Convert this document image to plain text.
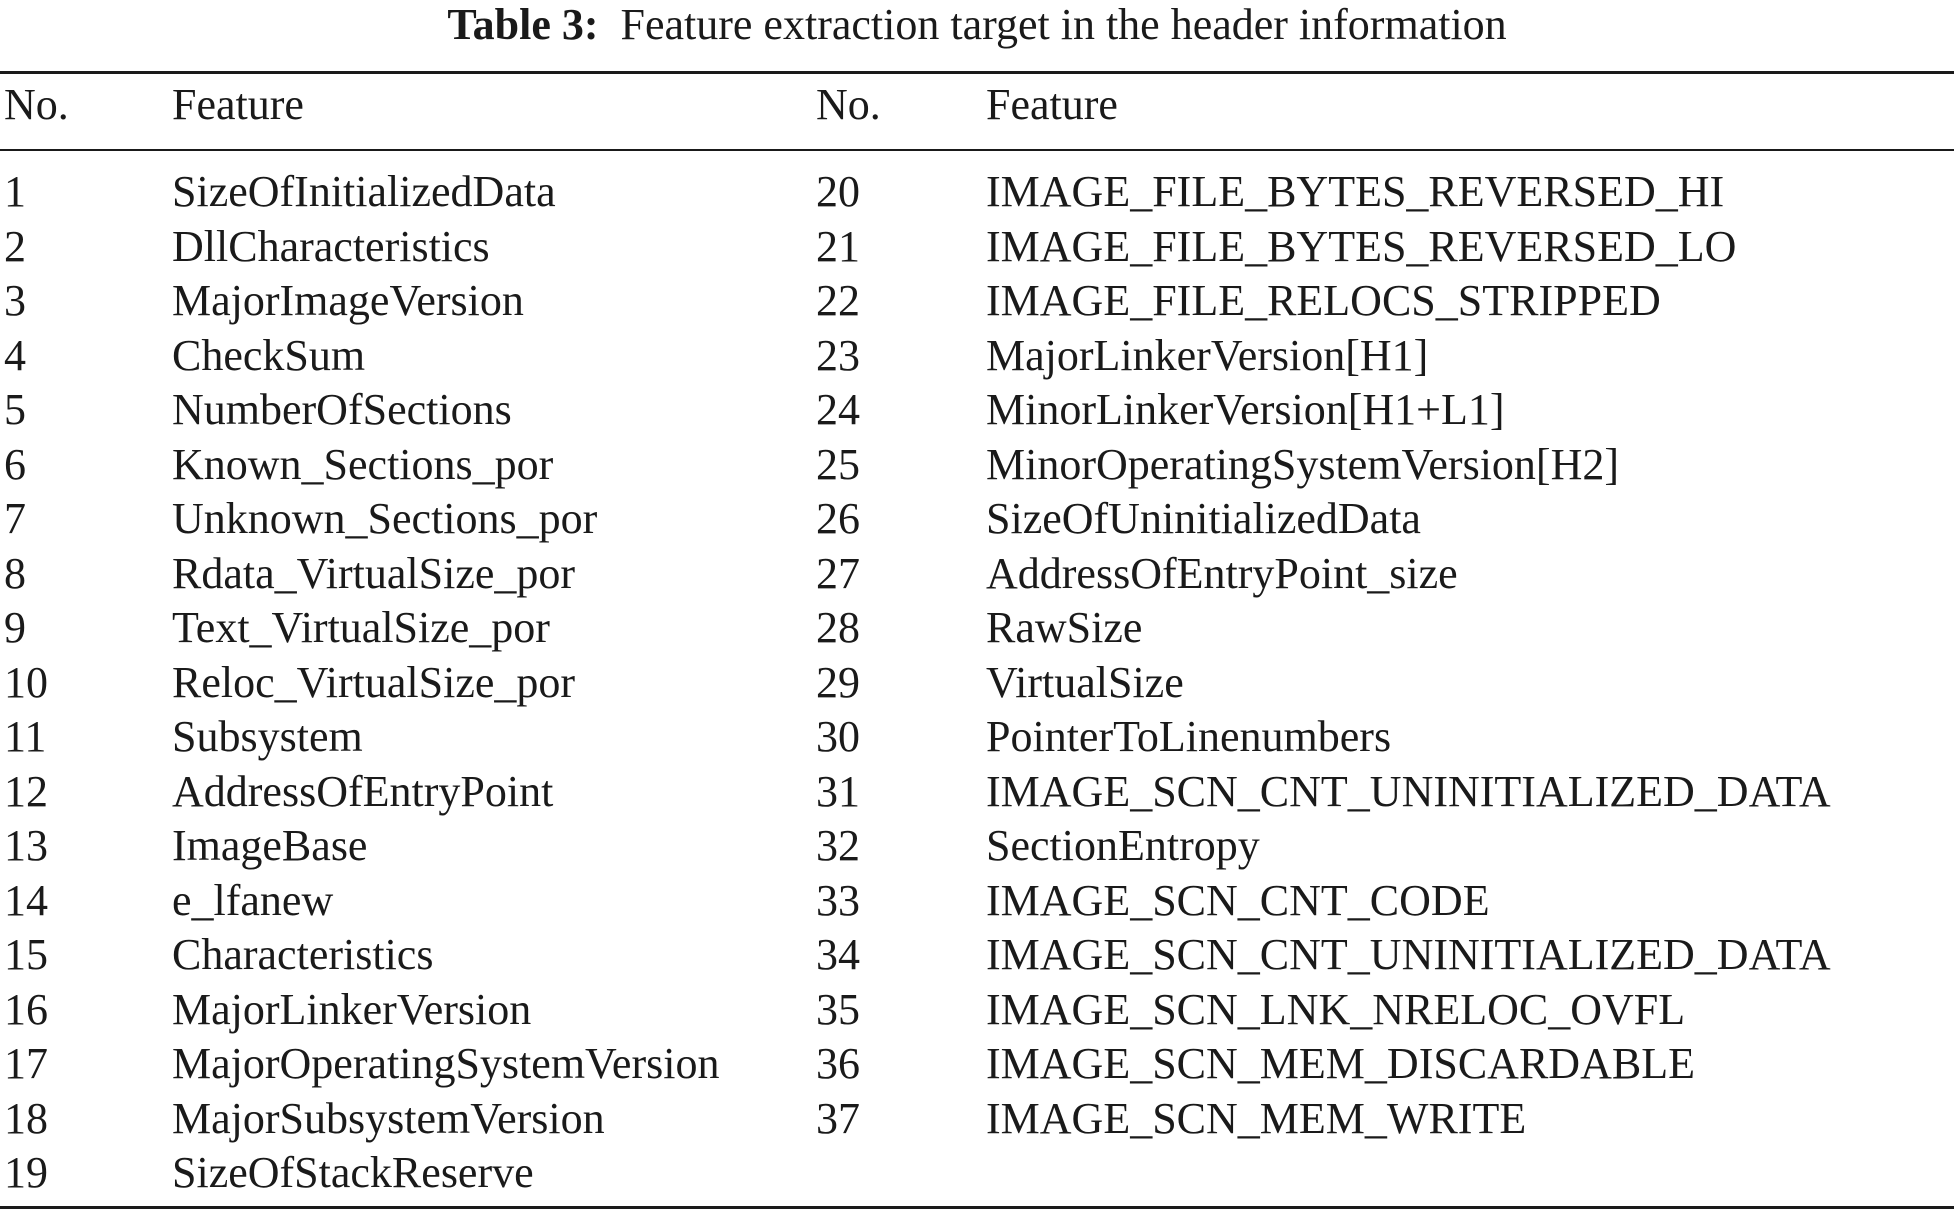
Table 3: Feature extraction target in the header information
No. Feature	No. Feature
1	SizeOfInitializedData	20	IMAGE_FILE_BYTES_REVERSED_HI
2	DllCharacteristics	21	IMAGE_FILE_BYTES_REVERSED_LO
3	MajorImageVersion	22	IMAGE_FILE_RELOCS_STRIPPED
4	CheckSum	23	MajorLinkerVersion[H1]
5	NumberOfSections	24	MinorLinkerVersion[H1+L1]
6	Known_Sections_por	25	MinorOperatingSystemVersion[H2]
7	Unknown_Sections_por	26	SizeOfUninitializedData
8	Rdata_VirtualSize_por	27	AddressOfEntryPoint_size
9	Text_VirtualSize_por	28	RawSize
10	Reloc_VirtualSize_por	29	VirtualSize
11	Subsystem	30	PointerToLinenumbers
12	AddressOfEntryPoint	31	IMAGE_SCN_CNT_UNINITIALIZED_DATA
13	ImageBase	32	SectionEntropy
14	e_lfanew	33	IMAGE_SCN_CNT_CODE
15	Characteristics	34	IMAGE_SCN_CNT_UNINITIALIZED_DATA
16	MajorLinkerVersion	35	IMAGE_SCN_LNK_NRELOC_OVFL
17	MajorOperatingSystemVersion 36	IMAGE_SCN_MEM_DISCARDABLE
18	MajorSubsystemVersion	37	IMAGE_SCN_MEM_WRITE
19	SizeOfStackReserve
